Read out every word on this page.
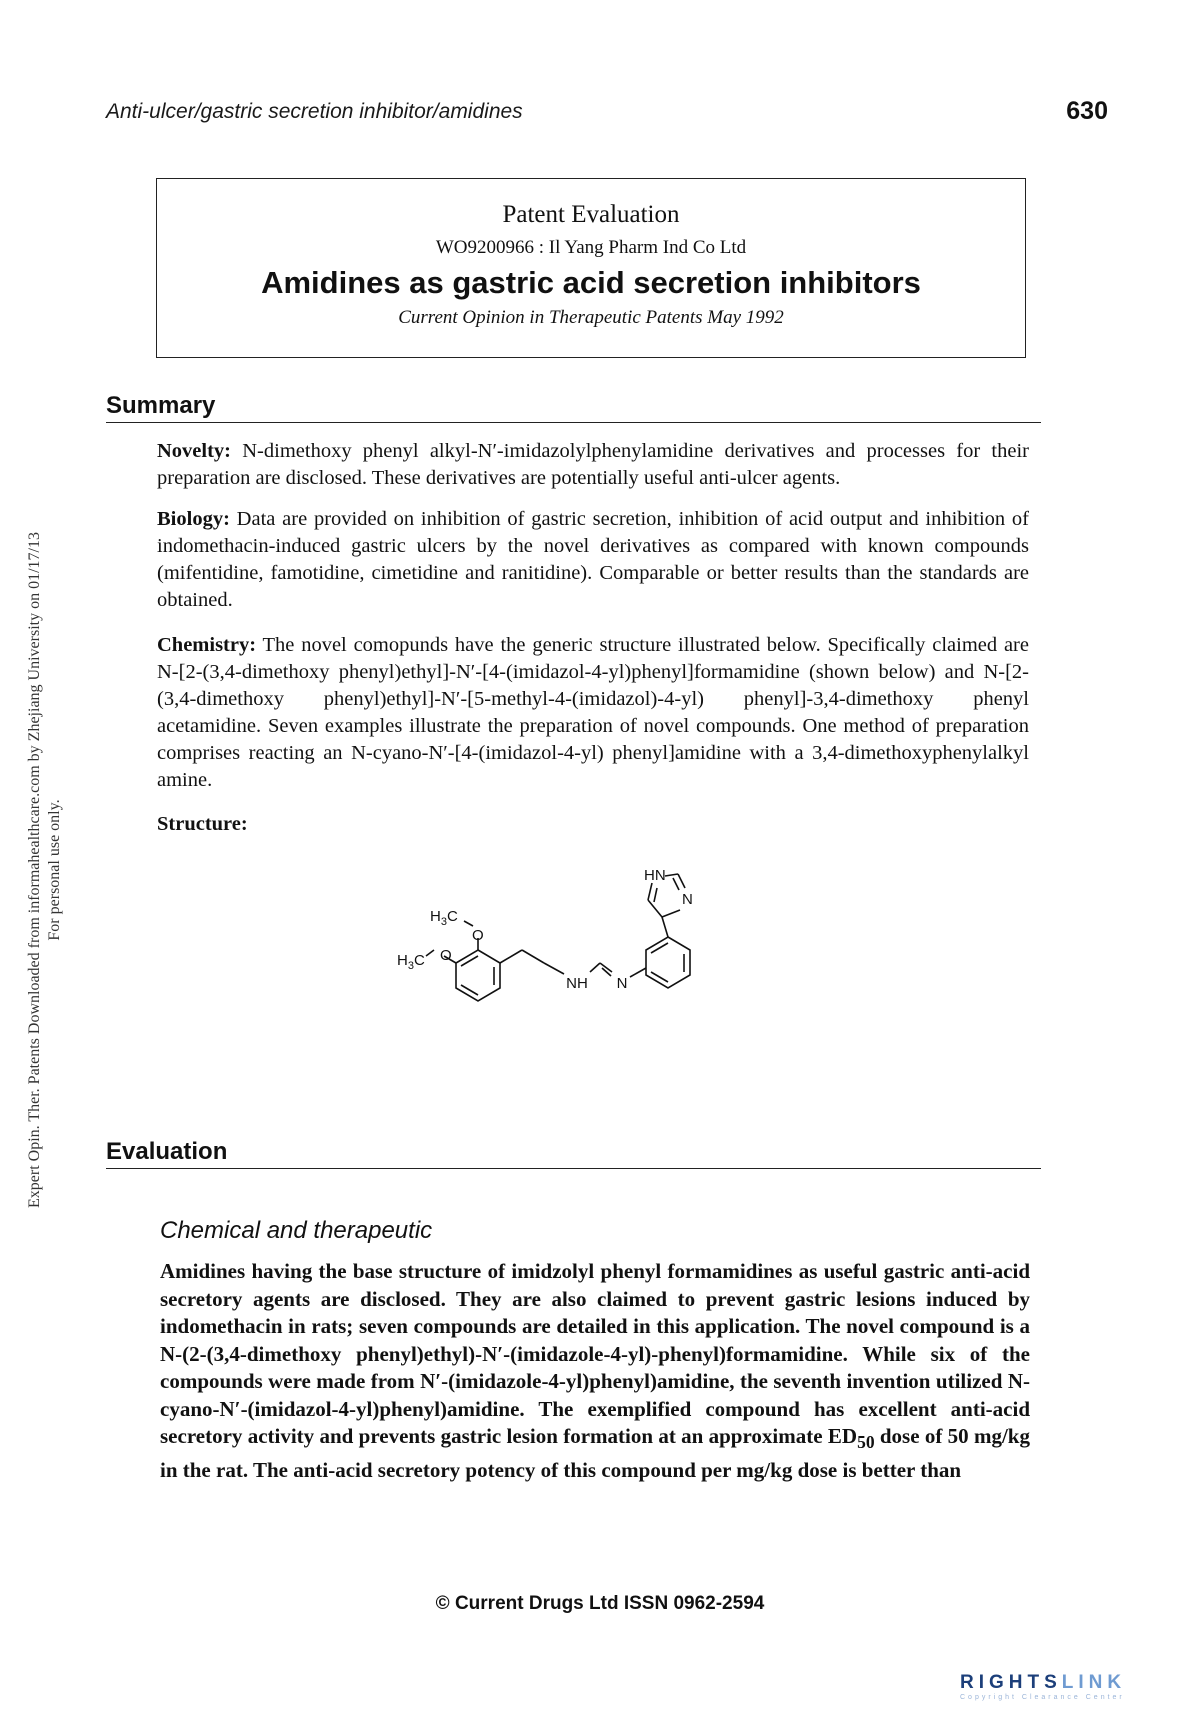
Anti-ulcer/gastric secretion inhibitor/amidines	630
Expert Opin. Ther. Patents Downloaded from informahealthcare.com by Zhejiang University on 01/17/13 For personal use only.
Patent Evaluation
WO9200966 : Il Yang Pharm Ind Co Ltd
Amidines as gastric acid secretion inhibitors
Current Opinion in Therapeutic Patents May 1992
Summary
Novelty: N-dimethoxy phenyl alkyl-N′-imidazolylphenylamidine derivatives and processes for their preparation are disclosed. These derivatives are potentially useful anti-ulcer agents.
Biology: Data are provided on inhibition of gastric secretion, inhibition of acid output and inhibition of indomethacin-induced gastric ulcers by the novel derivatives as compared with known compounds (mifentidine, famotidine, cimetidine and ranitidine). Comparable or better results than the standards are obtained.
Chemistry: The novel comopunds have the generic structure illustrated below. Specifically claimed are N-[2-(3,4-dimethoxy phenyl)ethyl]-N′-[4-(imidazol-4-yl)phenyl]formamidine (shown below) and N-[2-(3,4-dimethoxy phenyl)ethyl]-N′-[5-methyl-4-(imidazol)-4-yl) phenyl]-3,4-dimethoxy phenyl acetamidine. Seven examples illustrate the preparation of novel compounds. One method of preparation comprises reacting an N-cyano-N′-[4-(imidazol-4-yl) phenyl]amidine with a 3,4-dimethoxyphenylalkyl amine.
Structure:
HN
N
O
O
NH N
$H_3C$
$H_3C$
Evaluation
Chemical and therapeutic
Amidines having the base structure of imidzolyl phenyl formamidines as useful gastric anti-acid secretory agents are disclosed. They are also claimed to prevent gastric lesions induced by indomethacin in rats; seven compounds are detailed in this application. The novel compound is a N-(2-(3,4-dimethoxy phenyl)ethyl)-N′-(imidazole-4-yl)-phenyl)formamidine. While six of the compounds were made from N′-(imidazole-4-yl)phenyl)amidine, the seventh invention utilized N-cyano-N′-(imidazol-4-yl)phenyl)amidine. The exemplified compound has excellent anti-acid secretory activity and prevents gastric lesion formation at an approximate $ED_{50}$ dose of 50 mg/kg in the rat. The anti-acid secretory potency of this compound per mg/kg dose is better than
© Current Drugs Ltd ISSN 0962-2594
RIGHTSLINK
Copyright Clearance Center
